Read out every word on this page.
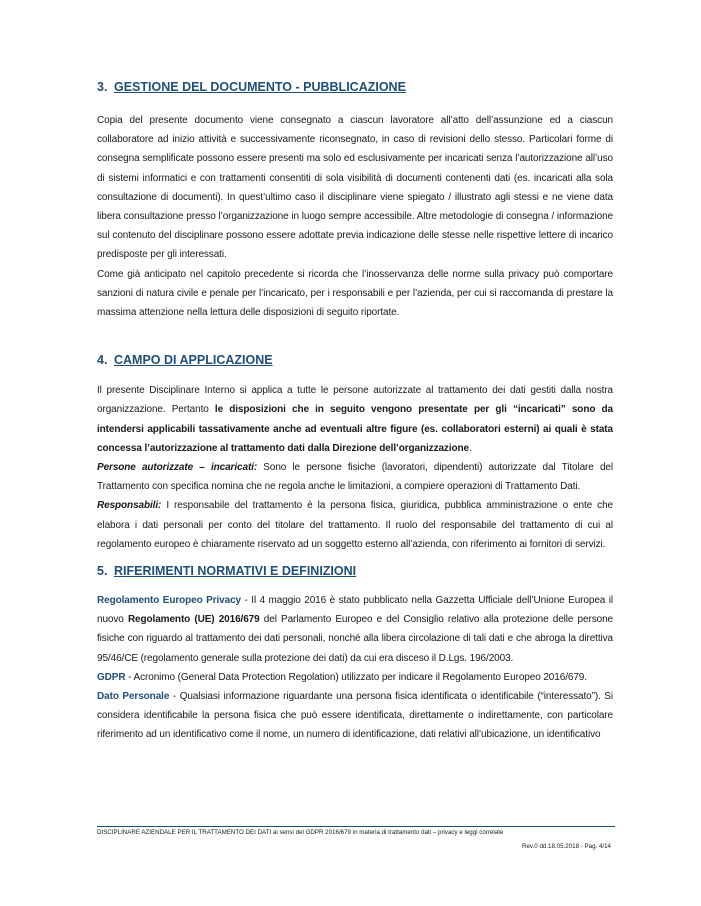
3. GESTIONE DEL DOCUMENTO - PUBBLICAZIONE

Copia del presente documento viene consegnato a ciascun lavoratore all’atto dell’assunzione ed a ciascun collaboratore ad inizio attività e successivamente riconsegnato, in caso di revisioni dello stesso. Particolari forme di consegna semplificate possono essere presenti ma solo ed esclusivamente per incaricati senza l’autorizzazione all’uso di sistemi informatici e con trattamenti consentiti di sola visibilità di documenti contenenti dati (es. incaricati alla sola consultazione di documenti). In quest’ultimo caso il disciplinare viene spiegato / illustrato agli stessi e ne viene data libera consultazione presso l’organizzazione in luogo sempre accessibile. Altre metodologie di consegna / informazione sul contenuto del disciplinare possono essere adottate previa indicazione delle stesse nelle rispettive lettere di incarico predisposte per gli interessati.

Come già anticipato nel capitolo precedente si ricorda che l’inosservanza delle norme sulla privacy può comportare sanzioni di natura civile e penale per l’incaricato, per i responsabili e per l’azienda, per cui si raccomanda di prestare la massima attenzione nella lettura delle disposizioni di seguito riportate.

4. CAMPO DI APPLICAZIONE

Il presente Disciplinare Interno si applica a tutte le persone autorizzate al trattamento dei dati gestiti dalla nostra organizzazione. Pertanto le disposizioni che in seguito vengono presentate per gli “incaricati” sono da intendersi applicabili tassativamente anche ad eventuali altre figure (es. collaboratori esterni) ai quali è stata concessa l’autorizzazione al trattamento dati dalla Direzione dell’organizzazione.

Persone autorizzate – incaricati: Sono le persone fisiche (lavoratori, dipendenti) autorizzate dal Titolare del Trattamento con specifica nomina che ne regola anche le limitazioni, a compiere operazioni di Trattamento Dati.

Responsabili: I responsabile del trattamento è la persona fisica, giuridica, pubblica amministrazione o ente che elabora i dati personali per conto del titolare del trattamento. Il ruolo del responsabile del trattamento di cui al regolamento europeo è chiaramente riservato ad un soggetto esterno all’azienda, con riferimento ai fornitori di servizi.

5. RIFERIMENTI NORMATIVI E DEFINIZIONI

Regolamento Europeo Privacy - Il 4 maggio 2016 è stato pubblicato nella Gazzetta Ufficiale dell’Unione Europea il nuovo Regolamento (UE) 2016/679 del Parlamento Europeo e del Consiglio relativo alla protezione delle persone fisiche con riguardo al trattamento dei dati personali, nonché alla libera circolazione di tali dati e che abroga la direttiva 95/46/CE (regolamento generale sulla protezione dei dati) da cui era disceso il D.Lgs. 196/2003.

GDPR - Acronimo (General Data Protection Regolation) utilizzato per indicare il Regolamento Europeo 2016/679.

Dato Personale - Qualsiasi informazione riguardante una persona fisica identificata o identificabile (“interessato”). Si considera identificabile la persona fisica che può essere identificata, direttamente o indirettamente, con particolare riferimento ad un identificativo come il nome, un numero di identificazione, dati relativi all’ubicazione, un identificativo

DISCIPLINARE AZIENDALE PER IL TRATTAMENTO DEI DATI ai sensi del GDPR 2016/679 in materia di trattamento dati – privacy e leggi correlate
Rev.0 dd.18.05.2018 - Pag. 4/14
